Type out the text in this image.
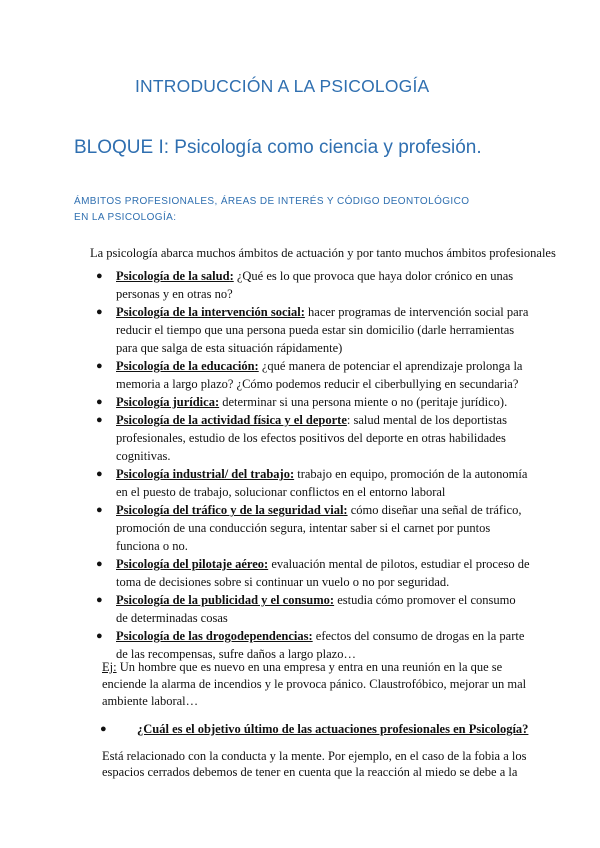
INTRODUCCIÓN A LA PSICOLOGÍA
BLOQUE I: Psicología como ciencia y profesión.
ÁMBITOS PROFESIONALES, ÁREAS DE INTERÉS Y CÓDIGO DEONTOLÓGICO
EN LA PSICOLOGÍA:

La psicología abarca muchos ámbitos de actuación y por tanto muchos ámbitos profesionales

● Psicología de la salud: ¿Qué es lo que provoca que haya dolor crónico en unas personas y en otras no?
● Psicología de la intervención social: hacer programas de intervención social para reducir el tiempo que una persona pueda estar sin domicilio (darle herramientas para que salga de esta situación rápidamente)
● Psicología de la educación: ¿qué manera de potenciar el aprendizaje prolonga la memoria a largo plazo? ¿Cómo podemos reducir el ciberbullying en secundaria?
● Psicología jurídica: determinar si una persona miente o no (peritaje jurídico).
● Psicología de la actividad física y el deporte: salud mental de los deportistas profesionales, estudio de los efectos positivos del deporte en otras habilidades cognitivas.
● Psicología industrial/ del trabajo: trabajo en equipo, promoción de la autonomía en el puesto de trabajo, solucionar conflictos en el entorno laboral
● Psicología del tráfico y de la seguridad vial: cómo diseñar una señal de tráfico, promoción de una conducción segura, intentar saber si el carnet por puntos funciona o no.
● Psicología del pilotaje aéreo: evaluación mental de pilotos, estudiar el proceso de toma de decisiones sobre si continuar un vuelo o no por seguridad.
● Psicología de la publicidad y el consumo: estudia cómo promover el consumo de determinadas cosas
● Psicología de las drogodependencias: efectos del consumo de drogas en la parte de las recompensas, sufre daños a largo plazo…

Ej: Un hombre que es nuevo en una empresa y entra en una reunión en la que se enciende la alarma de incendios y le provoca pánico. Claustrofóbico, mejorar un mal ambiente laboral…

● ¿Cuál es el objetivo último de las actuaciones profesionales en Psicología?

Está relacionado con la conducta y la mente. Por ejemplo, en el caso de la fobia a los espacios cerrados debemos de tener en cuenta que la reacción al miedo se debe a la
